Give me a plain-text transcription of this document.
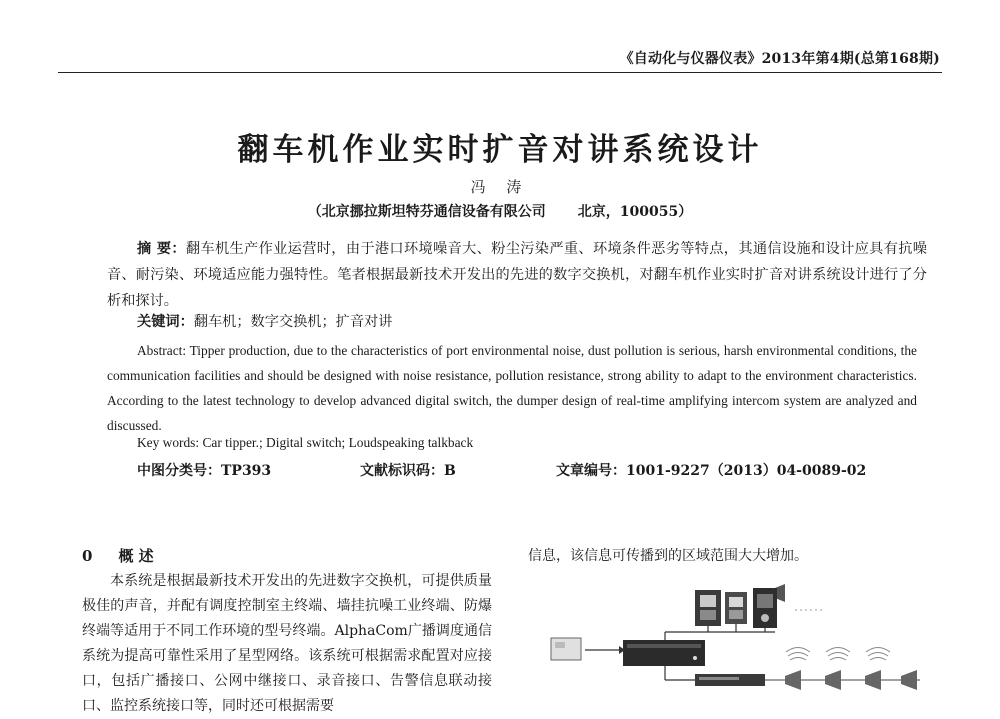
《自动化与仪器仪表》2013年第4期(总第168期)
翻车机作业实时扩音对讲系统设计
冯 涛
（北京挪拉斯坦特芬通信设备有限公司 北京，100055）
摘 要：翻车机生产作业运营时，由于港口环境噪音大、粉尘污染严重、环境条件恶劣等特点，其通信设施和设计应具有抗噪音、耐污染、环境适应能力强特性。笔者根据最新技术开发出的先进的数字交换机，对翻车机作业实时扩音对讲系统设计进行了分析和探讨。
关键词：翻车机；数字交换机；扩音对讲
Abstract: Tipper production, due to the characteristics of port environmental noise, dust pollution is serious, harsh environmental conditions, the communication facilities and should be designed with noise resistance, pollution resistance, strong ability to adapt to the environment characteristics. According to the latest technology to develop advanced digital switch, the dumper design of real-time amplifying intercom system are analyzed and discussed.
Key words: Car tipper.; Digital switch; Loudspeaking talkback
中图分类号：TP393	文献标识码：B	文章编号：1001-9227（2013）04-0089-02
0 概 述
本系统是根据最新技术开发出的先进数字交换机，可提供质量极佳的声音，并配有调度控制室主终端、墙挂抗噪工业终端、防爆终端等适用于不同工作环境的型号终端。AlphaCom广播调度通信系统为提高可靠性采用了星型网络。该系统可根据需求配置对应接口，包括广播接口、公网中继接口、录音接口、告警信息联动接口、监控系统接口等，同时还可根据需要
信息，该信息可传播到的区域范围大大增加。
